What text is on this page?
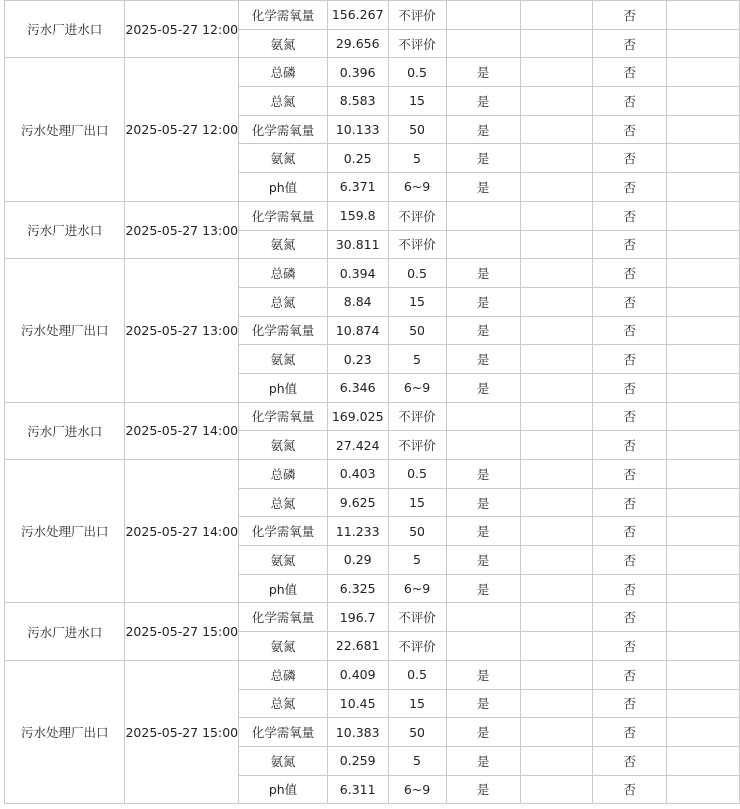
污水厂进水口	2025-05-27 12:00	化学需氧量	156.267	不评价			否	
		氨氮	29.656	不评价			否	
污水处理厂出口	2025-05-27 12:00	总磷	0.396	0.5	是		否	
		总氮	8.583	15	是		否	
		化学需氧量	10.133	50	是		否	
		氨氮	0.25	5	是		否	
		ph值	6.371	6~9	是		否	
污水厂进水口	2025-05-27 13:00	化学需氧量	159.8	不评价			否	
		氨氮	30.811	不评价			否	
污水处理厂出口	2025-05-27 13:00	总磷	0.394	0.5	是		否	
		总氮	8.84	15	是		否	
		化学需氧量	10.874	50	是		否	
		氨氮	0.23	5	是		否	
		ph值	6.346	6~9	是		否	
污水厂进水口	2025-05-27 14:00	化学需氧量	169.025	不评价			否	
		氨氮	27.424	不评价			否	
污水处理厂出口	2025-05-27 14:00	总磷	0.403	0.5	是		否	
		总氮	9.625	15	是		否	
		化学需氧量	11.233	50	是		否	
		氨氮	0.29	5	是		否	
		ph值	6.325	6~9	是		否	
污水厂进水口	2025-05-27 15:00	化学需氧量	196.7	不评价			否	
		氨氮	22.681	不评价			否	
污水处理厂出口	2025-05-27 15:00	总磷	0.409	0.5	是		否	
		总氮	10.45	15	是		否	
		化学需氧量	10.383	50	是		否	
		氨氮	0.259	5	是		否	
		ph值	6.311	6~9	是		否	
